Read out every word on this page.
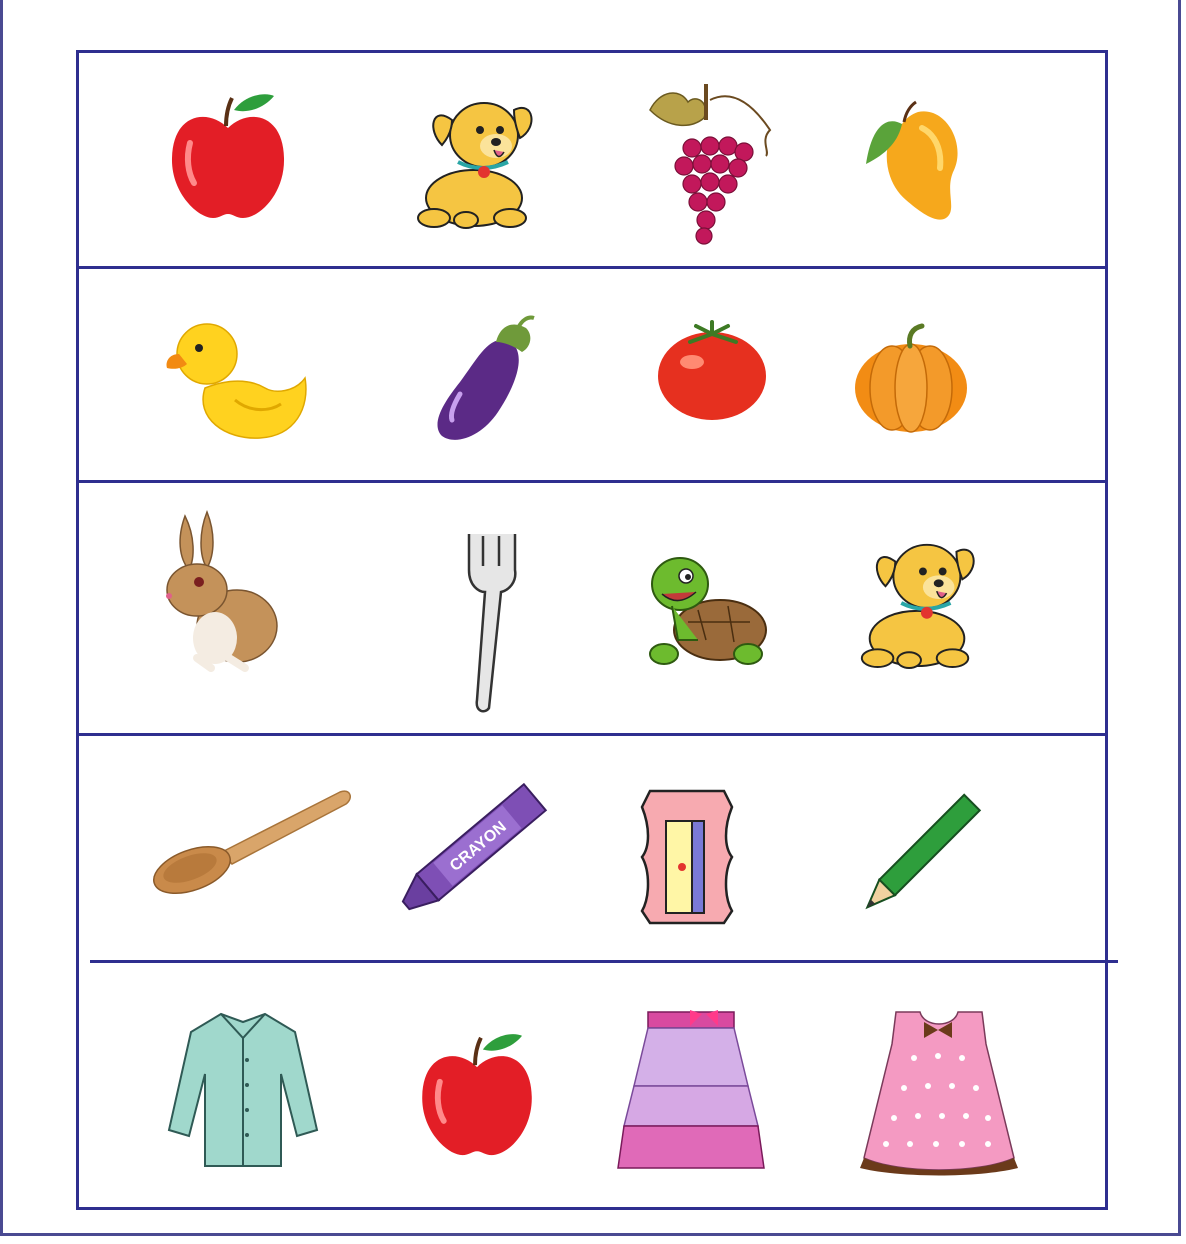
CRAYON
